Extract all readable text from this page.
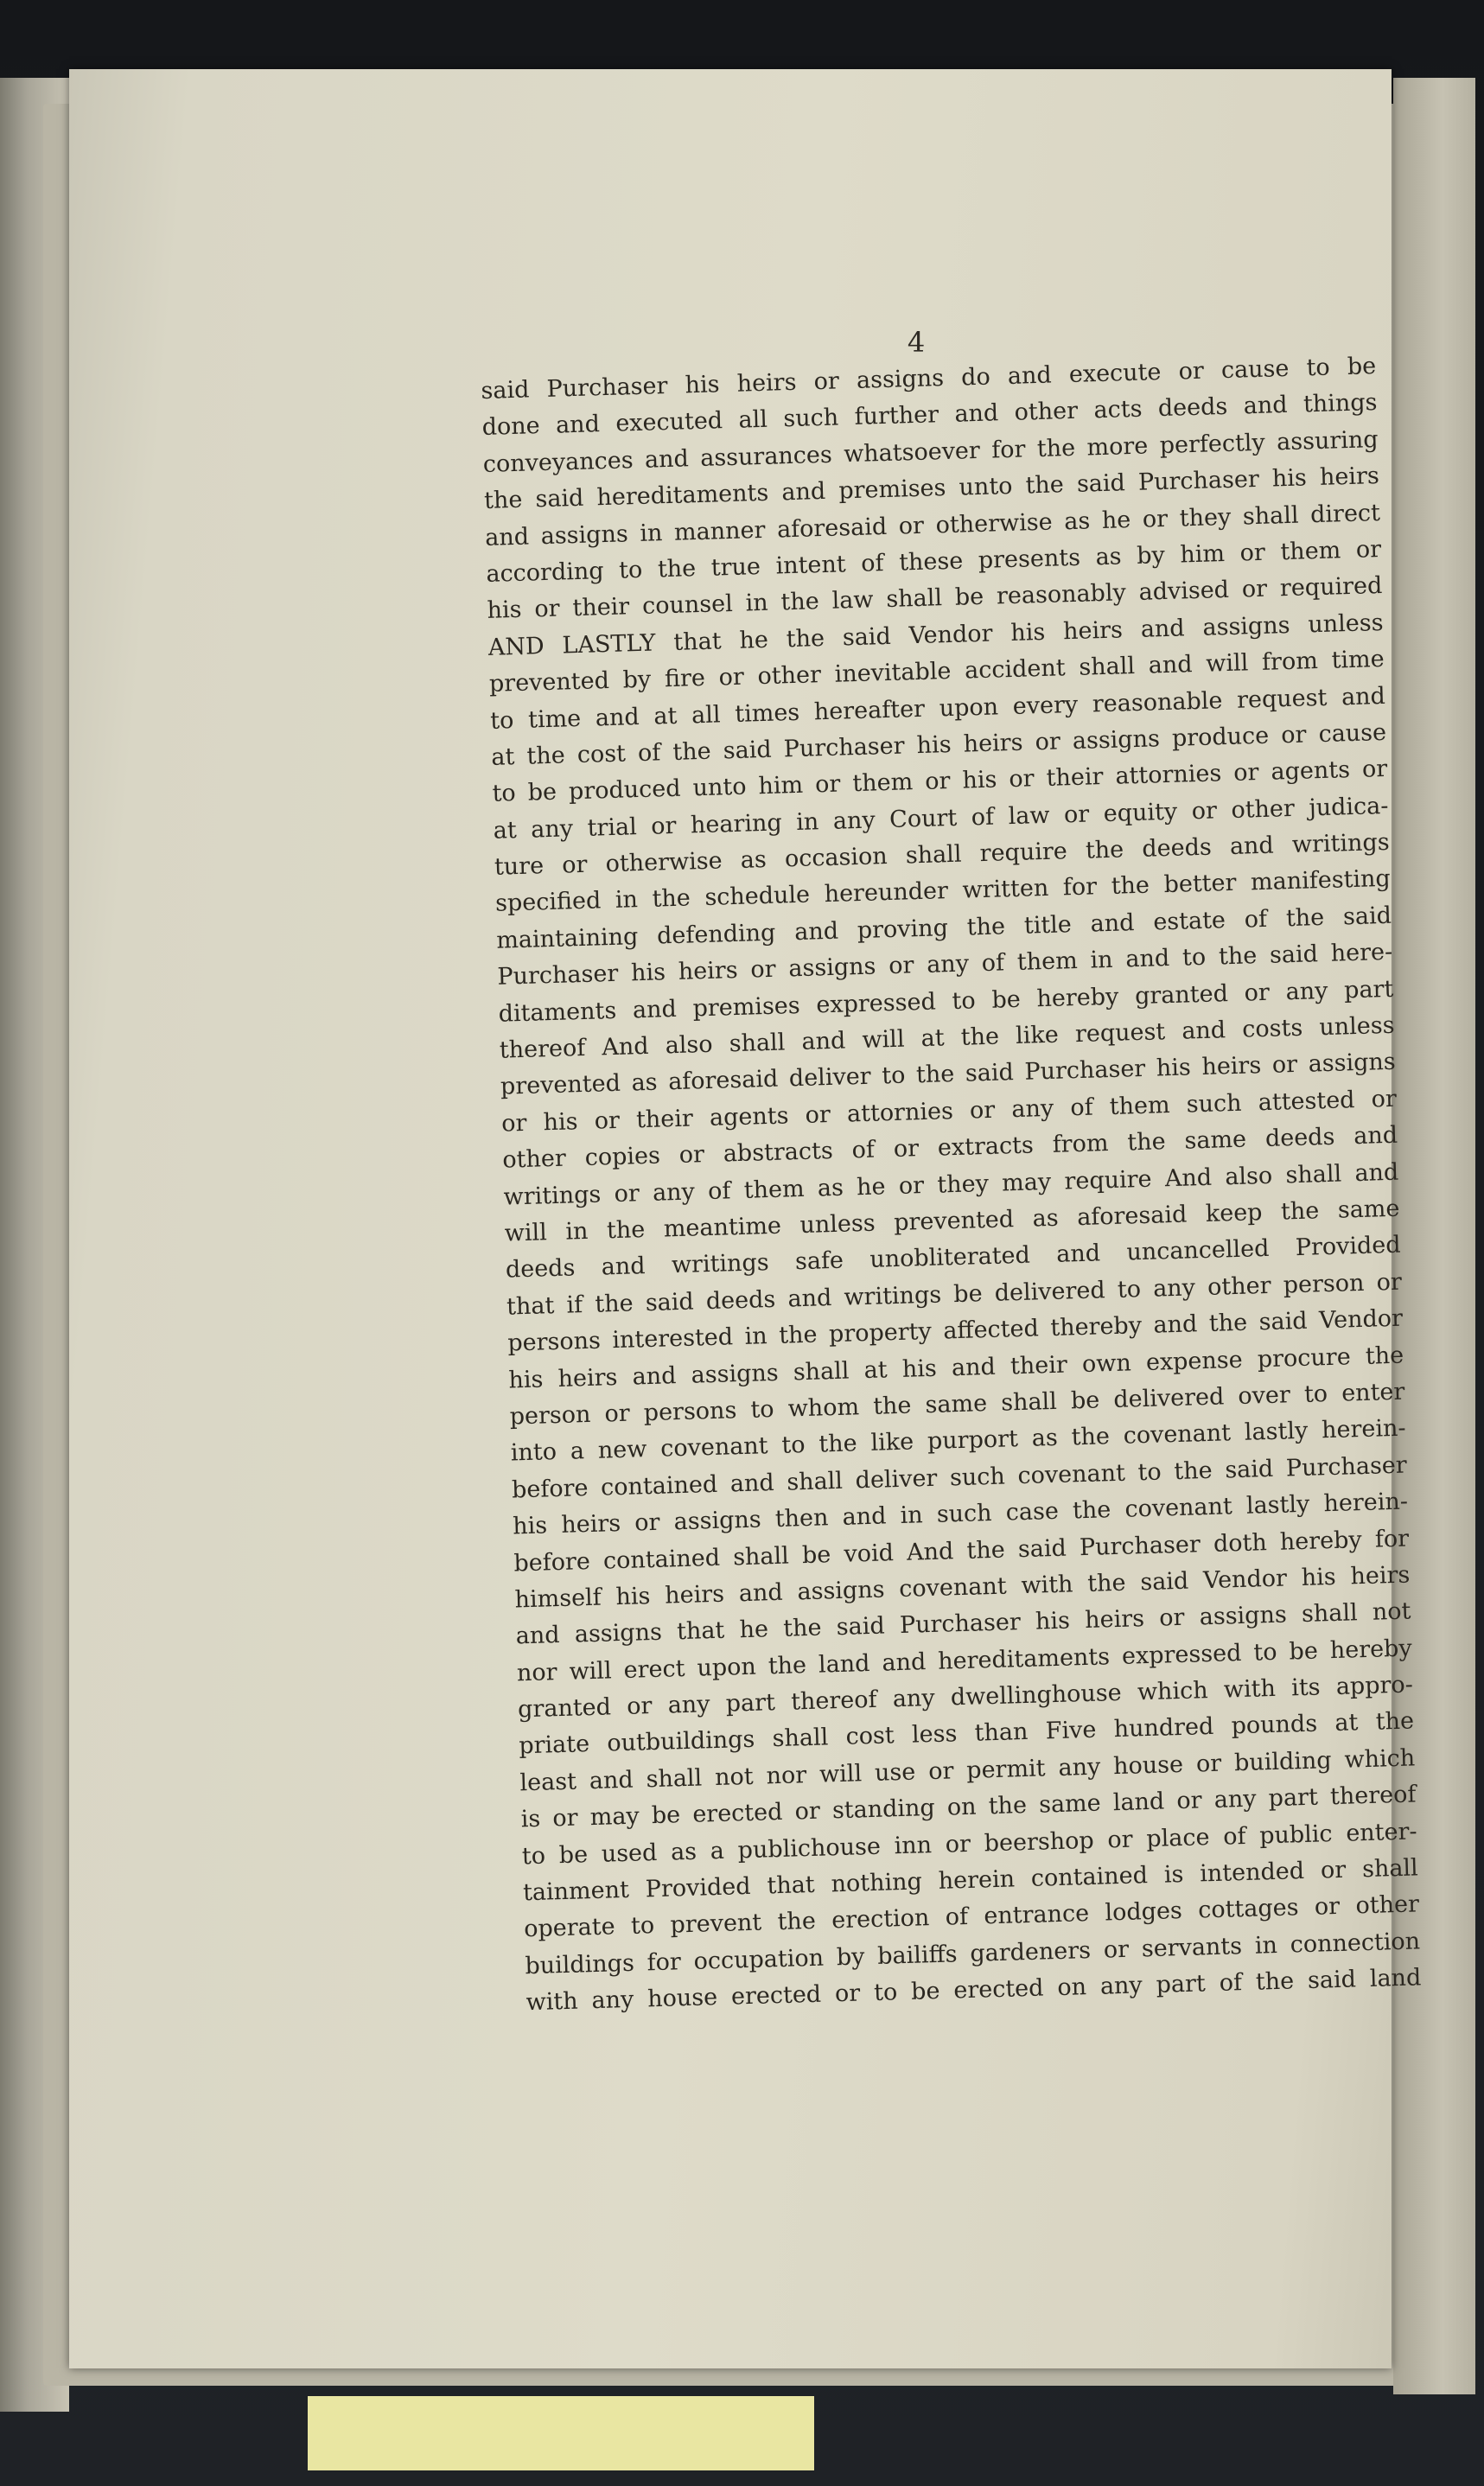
4
said Purchaser his heirs or assigns do and execute or cause to be
done and executed all such further and other acts deeds and things
conveyances and assurances whatsoever for the more perfectly assuring
the said hereditaments and premises unto the said Purchaser his heirs
and assigns in manner aforesaid or otherwise as he or they shall direct
according to the true intent of these presents as by him or them or
his or their counsel in the law shall be reasonably advised or required
AND LASTLY that he the said Vendor his heirs and assigns unless
prevented by fire or other inevitable accident shall and will from time
to time and at all times hereafter upon every reasonable request and
at the cost of the said Purchaser his heirs or assigns produce or cause
to be produced unto him or them or his or their attornies or agents or
at any trial or hearing in any Court of law or equity or other judica-
ture or otherwise as occasion shall require the deeds and writings
specified in the schedule hereunder written for the better manifesting
maintaining defending and proving the title and estate of the said
Purchaser his heirs or assigns or any of them in and to the said here-
ditaments and premises expressed to be hereby granted or any part
thereof And also shall and will at the like request and costs unless
prevented as aforesaid deliver to the said Purchaser his heirs or assigns
or his or their agents or attornies or any of them such attested or
other copies or abstracts of or extracts from the same deeds and
writings or any of them as he or they may require And also shall and
will in the meantime unless prevented as aforesaid keep the same
deeds and writings safe unobliterated and uncancelled Provided
that if the said deeds and writings be delivered to any other person or
persons interested in the property affected thereby and the said Vendor
his heirs and assigns shall at his and their own expense procure the
person or persons to whom the same shall be delivered over to enter
into a new covenant to the like purport as the covenant lastly herein-
before contained and shall deliver such covenant to the said Purchaser
his heirs or assigns then and in such case the covenant lastly herein-
before contained shall be void And the said Purchaser doth hereby for
himself his heirs and assigns covenant with the said Vendor his heirs
and assigns that he the said Purchaser his heirs or assigns shall not
nor will erect upon the land and hereditaments expressed to be hereby
granted or any part thereof any dwellinghouse which with its appro-
priate outbuildings shall cost less than Five hundred pounds at the
least and shall not nor will use or permit any house or building which
is or may be erected or standing on the same land or any part thereof
to be used as a publichouse inn or beershop or place of public enter-
tainment Provided that nothing herein contained is intended or shall
operate to prevent the erection of entrance lodges cottages or other
buildings for occupation by bailiffs gardeners or servants in connection
with any house erected or to be erected on any part of the said land
